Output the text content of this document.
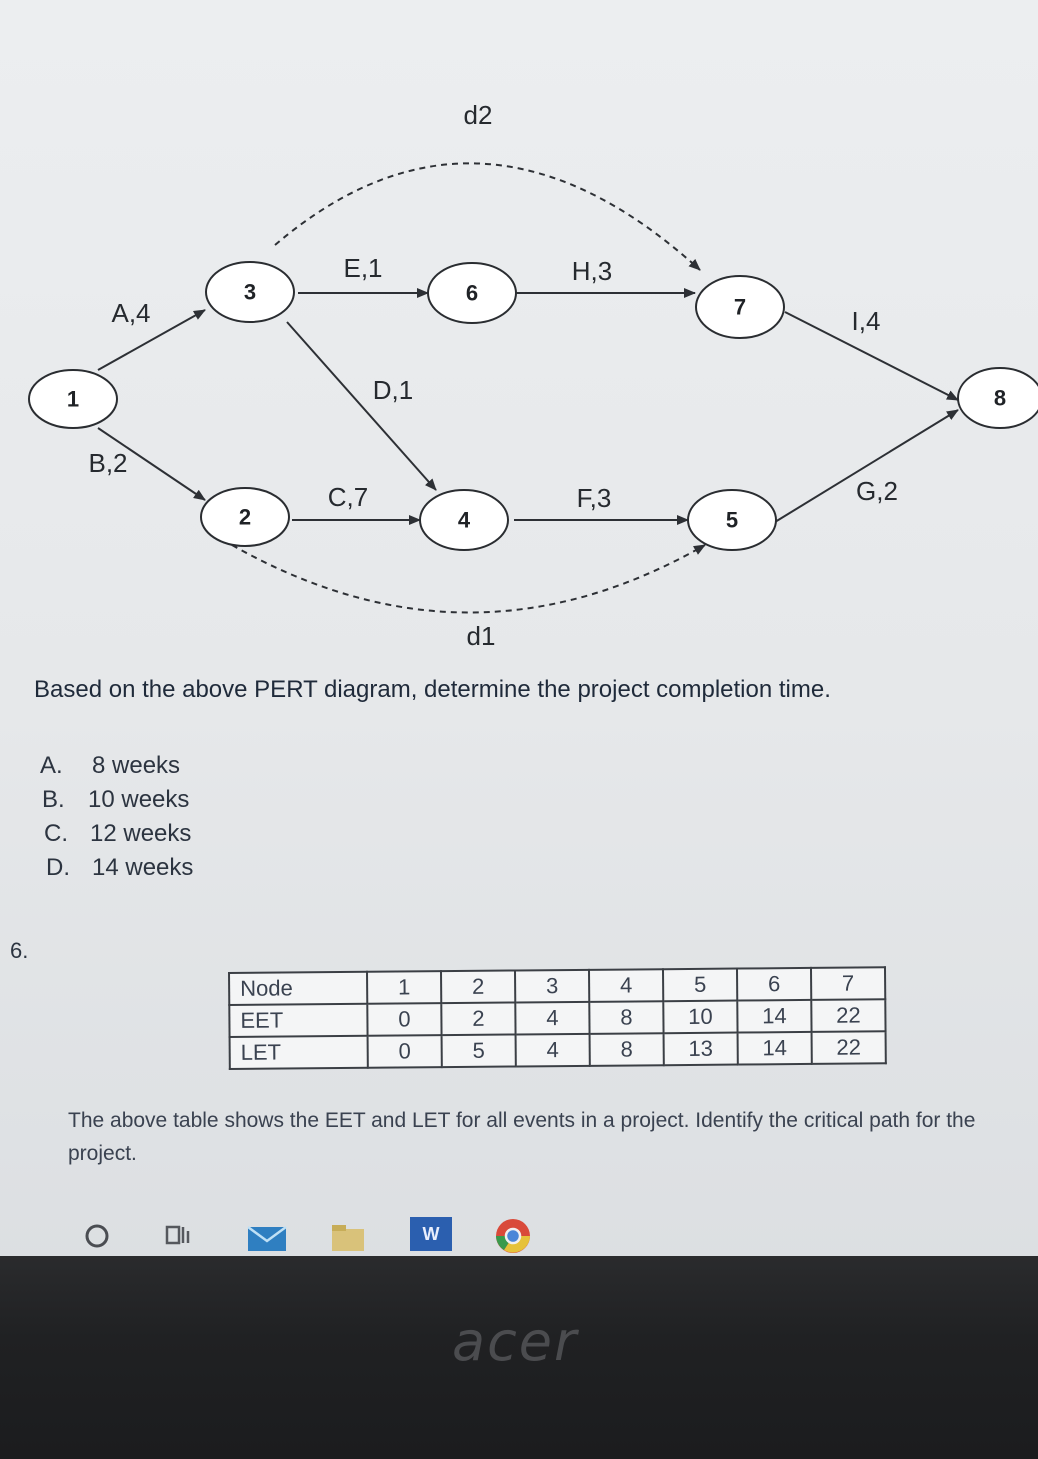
1
3
2
6
4
7
5
8
A,4
B,2
E,1
D,1
C,7
H,3
F,3
I,4
G,2
d2
d1
Based on the above PERT diagram, determine the project completion time.
A. 8 weeks
B. 10 weeks
C. 12 weeks
D. 14 weeks
6.
Node	1	2	3	4	5	6	7
EET	0	2	4	8	10	14	22
LET	0	5	4	8	13	14	22
The above table shows the EET and LET for all events in a project. Identify the critical path for the project.
W
acer
